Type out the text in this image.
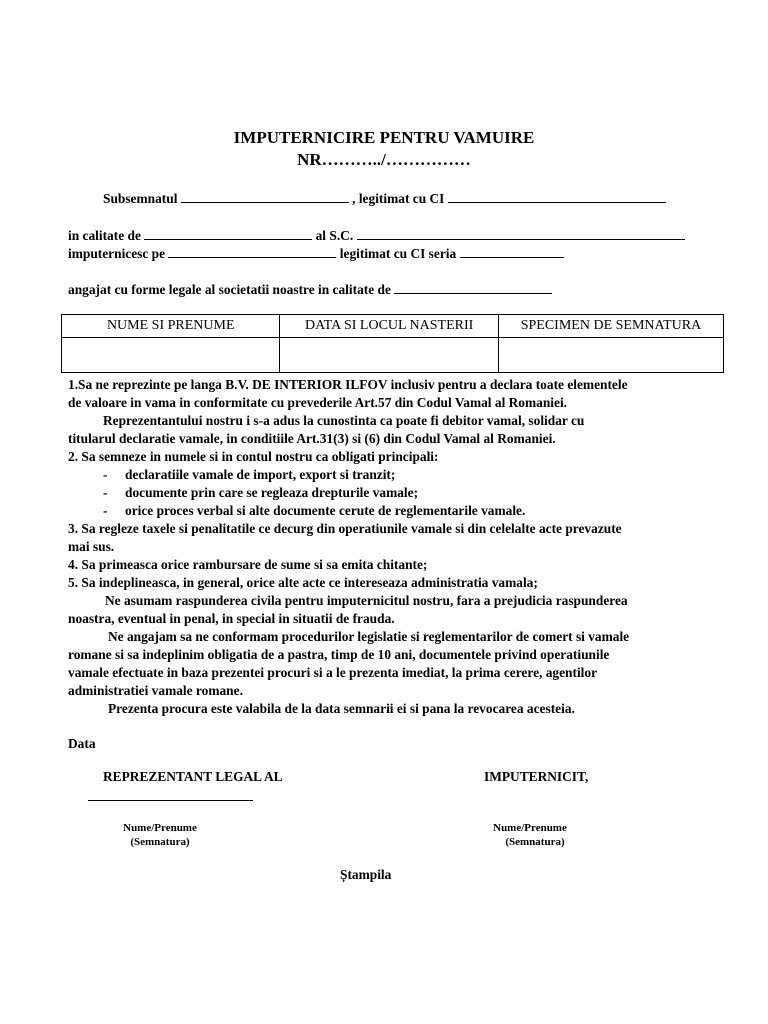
IMPUTERNICIRE PENTRU VAMUIRE
NR………../……………
Subsemnatul	, legitimat cu CI
in calitate de	al S.C.
imputernicesc pe	legitimat cu CI seria
angajat cu forme legale al societatii noastre in calitate de
NUME SI PRENUME	DATA SI LOCUL NASTERII	SPECIMEN DE SEMNATURA

1.Sa ne reprezinte pe langa B.V. DE INTERIOR ILFOV inclusiv pentru a declara toate elementele
de valoare in vama in conformitate cu prevederile Art.57 din Codul Vamal al Romaniei.
Reprezentantului nostru i s-a adus la cunostinta ca poate fi debitor vamal, solidar cu
titularul declaratie vamale, in conditiile Art.31(3) si (6) din Codul Vamal al Romaniei.
2. Sa semneze in numele si in contul nostru ca obligati principali:
- declaratiile vamale de import, export si tranzit;
- documente prin care se regleaza drepturile vamale;
- orice proces verbal si alte documente cerute de reglementarile vamale.
3. Sa regleze taxele si penalitatile ce decurg din operatiunile vamale si din celelalte acte prevazute
mai sus.
4. Sa primeasca orice rambursare de sume si sa emita chitante;
5. Sa indeplineasca, in general, orice alte acte ce intereseaza administratia vamala;
Ne asumam raspunderea civila pentru imputernicitul nostru, fara a prejudicia raspunderea
noastra, eventual in penal, in special in situatii de frauda.
Ne angajam sa ne conformam procedurilor legislatie si reglementarilor de comert si vamale
romane si sa indeplinim obligatia de a pastra, timp de 10 ani, documentele privind operatiunile
vamale efectuate in baza prezentei procuri si a le prezenta imediat, la prima cerere, agentilor
administratiei vamale romane.
Prezenta procura este valabila de la data semnarii ei si pana la revocarea acesteia.
Data
REPREZENTANT LEGAL AL	IMPUTERNICIT,
Nume/Prenume
(Semnatura)
Nume/Prenume
(Semnatura)
Ștampila
